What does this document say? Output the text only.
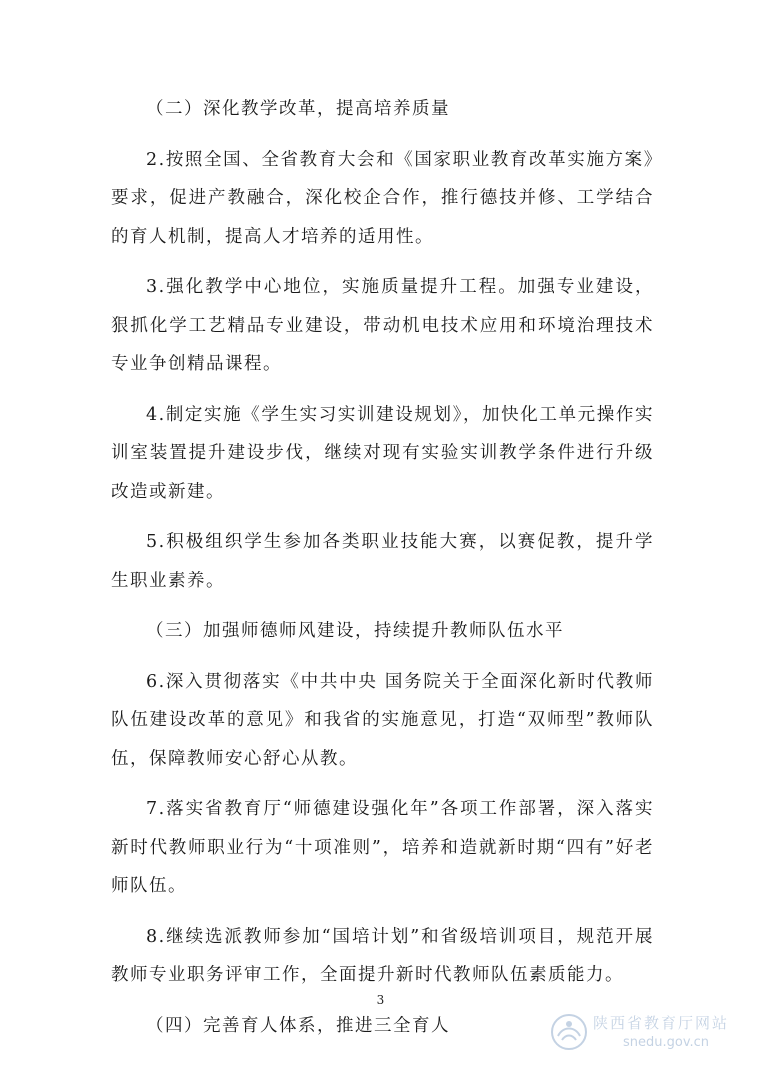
（二）深化教学改革，提高培养质量

2.按照全国、全省教育大会和《国家职业教育改革实施方案》要求，促进产教融合，深化校企合作，推行德技并修、工学结合的育人机制，提高人才培养的适用性。

3.强化教学中心地位，实施质量提升工程。加强专业建设，狠抓化学工艺精品专业建设，带动机电技术应用和环境治理技术专业争创精品课程。

4.制定实施《学生实习实训建设规划》，加快化工单元操作实训室装置提升建设步伐，继续对现有实验实训教学条件进行升级改造或新建。

5.积极组织学生参加各类职业技能大赛，以赛促教，提升学生职业素养。

（三）加强师德师风建设，持续提升教师队伍水平

6.深入贯彻落实《中共中央 国务院关于全面深化新时代教师队伍建设改革的意见》和我省的实施意见，打造“双师型”教师队伍，保障教师安心舒心从教。

7.落实省教育厅“师德建设强化年”各项工作部署，深入落实新时代教师职业行为“十项准则”，培养和造就新时期“四有”好老师队伍。

8.继续选派教师参加“国培计划”和省级培训项目，规范开展教师专业职务评审工作，全面提升新时代教师队伍素质能力。

（四）完善育人体系，推进三全育人

3
陕西省教育厅网站
snedu.gov.cn
